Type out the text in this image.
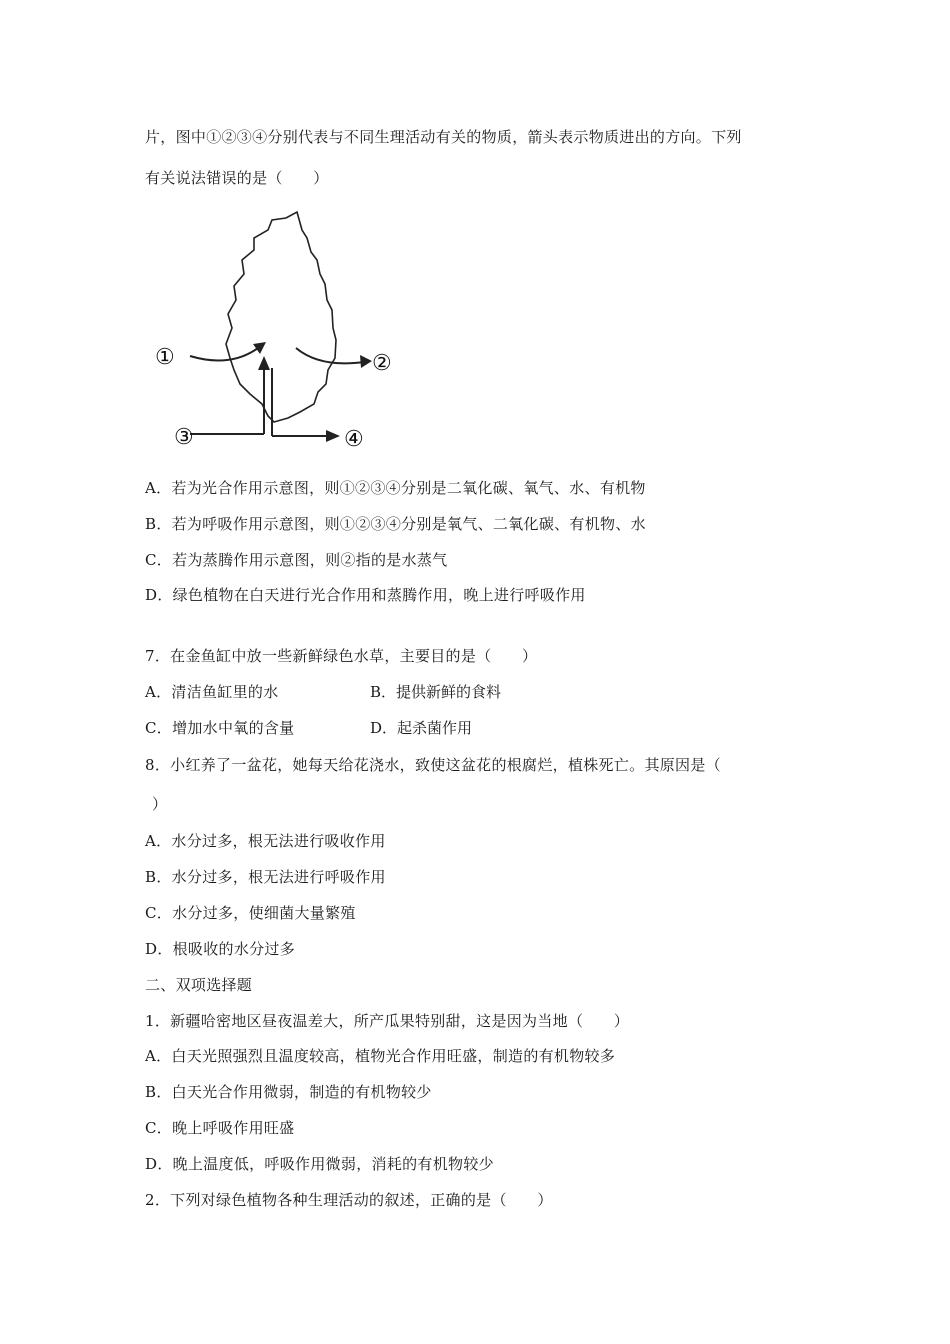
片，图中①②③④分别代表与不同生理活动有关的物质，箭头表示物质进出的方向。下列
有关说法错误的是（　　）
①	②
③	④
A．若为光合作用示意图，则①②③④分别是二氧化碳、氧气、水、有机物
B．若为呼吸作用示意图，则①②③④分别是氧气、二氧化碳、有机物、水
C．若为蒸腾作用示意图，则②指的是水蒸气
D．绿色植物在白天进行光合作用和蒸腾作用，晚上进行呼吸作用
7．在金鱼缸中放一些新鲜绿色水草，主要目的是（　　）
A．清洁鱼缸里的水	B．提供新鲜的食料
C．增加水中氧的含量	D．起杀菌作用
8．小红养了一盆花，她每天给花浇水，致使这盆花的根腐烂，植株死亡。其原因是（
）
A．水分过多，根无法进行吸收作用
B．水分过多，根无法进行呼吸作用
C．水分过多，使细菌大量繁殖
D．根吸收的水分过多
二、双项选择题
1．新疆哈密地区昼夜温差大，所产瓜果特别甜，这是因为当地（　　）
A．白天光照强烈且温度较高，植物光合作用旺盛，制造的有机物较多
B．白天光合作用微弱，制造的有机物较少
C．晚上呼吸作用旺盛
D．晚上温度低，呼吸作用微弱，消耗的有机物较少
2．下列对绿色植物各种生理活动的叙述，正确的是（　　）
